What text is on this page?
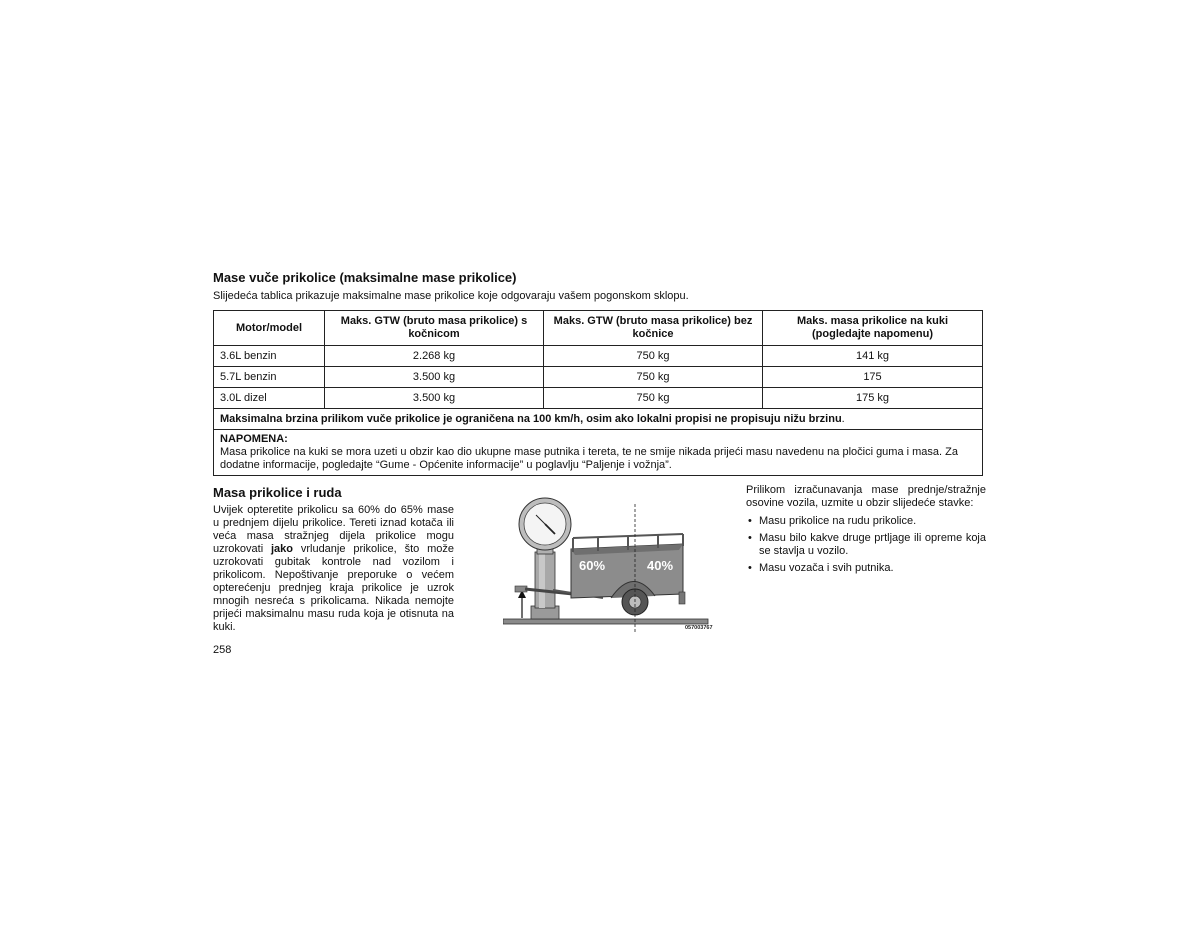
Mase vuče prikolice (maksimalne mase prikolice)
Slijedeća tablica prikazuje maksimalne mase prikolice koje odgovaraju vašem pogonskom sklopu.
Motor/model	Maks. GTW (bruto masa prikolice) s kočnicom	Maks. GTW (bruto masa prikolice) bez kočnice	Maks. masa prikolice na kuki (pogledajte napomenu)
3.6L benzin	2.268 kg	750 kg	141 kg
5.7L benzin	3.500 kg	750 kg	175
3.0L dizel	3.500 kg	750 kg	175 kg
Maksimalna brzina prilikom vuče prikolice je ograničena na 100 km/h, osim ako lokalni propisi ne propisuju nižu brzinu.			

NAPOMENA:
Masa prikolice na kuki se mora uzeti u obzir kao dio ukupne mase putnika i tereta, te ne smije nikada prijeći masu navedenu na pločici guma i masa. Za dodatne informacije, pogledajte “Gume - Općenite informacije” u poglavlju “Paljenje i vožnja”.			
Masa prikolice i ruda
Uvijek opteretite prikolicu sa 60% do 65% mase u prednjem dijelu prikolice. Tereti iznad kotača ili veća masa stražnjeg dijela prikolice mogu uzrokovati jako vrludanje prikolice, što može uzrokovati gubitak kontrole nad vozilom i prikolicom. Nepoštivanje preporuke o većem opterećenju prednjeg kraja prikolice je uzrok mnogih nesreća s prikolicama. Nikada nemojte prijeći maksimalnu masu ruda koja je otisnuta na kuki.
60%	40%
057003767
Prilikom izračunavanja mase prednje/stražnje osovine vozila, uzmite u obzir slijedeće stavke:
• Masu prikolice na rudu prikolice.
• Masu bilo kakve druge prtljage ili opreme koja se stavlja u vozilo.
• Masu vozača i svih putnika.
258
